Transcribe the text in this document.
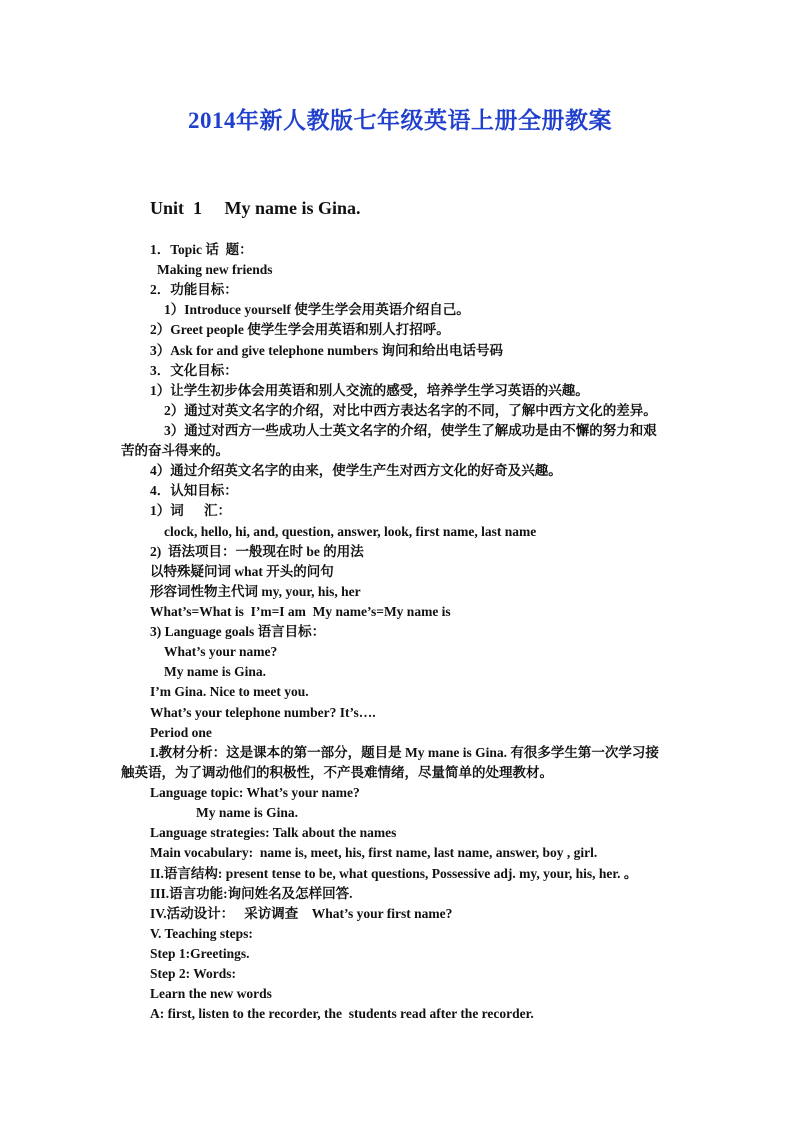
2014年新人教版七年级英语上册全册教案
Unit  1     My name is Gina.
1．Topic 话  题：
Making new friends
2．功能目标：
1）Introduce yourself 使学生学会用英语介绍自己。
2）Greet people 使学生学会用英语和别人打招呼。
3）Ask for and give telephone numbers 询问和给出电话号码
3．文化目标：
1）让学生初步体会用英语和别人交流的感受，培养学生学习英语的兴趣。
2）通过对英文名字的介绍，对比中西方表达名字的不同，了解中西方文化的差异。
3）通过对西方一些成功人士英文名字的介绍，使学生了解成功是由不懈的努力和艰
苦的奋斗得来的。
4）通过介绍英文名字的由来，使学生产生对西方文化的好奇及兴趣。
4．认知目标：
1）词      汇：
clock, hello, hi, and, question, answer, look, first name, last name
2)  语法项目：一般现在时 be 的用法
以特殊疑问词 what 开头的问句
形容词性物主代词 my, your, his, her
What’s=What is  I’m=I am  My name’s=My name is
3) Language goals 语言目标：
What’s your name?
My name is Gina.
I’m Gina. Nice to meet you.
What’s your telephone number? It’s….
Period one
I.教材分析：这是课本的第一部分，题目是 My mane is Gina. 有很多学生第一次学习接
触英语，为了调动他们的积极性，不产畏难情绪，尽量简单的处理教材。
Language topic: What’s your name?
My name is Gina.
Language strategies: Talk about the names
Main vocabulary:  name is, meet, his, first name, last name, answer, boy , girl.
II.语言结构: present tense to be, what questions, Possessive adj. my, your, his, her. 。
III.语言功能:询问姓名及怎样回答.
IV.活动设计：   采访调查    What’s your first name?
V. Teaching steps:
Step 1:Greetings.
Step 2: Words:
Learn the new words
A: first, listen to the recorder, the  students read after the recorder.
